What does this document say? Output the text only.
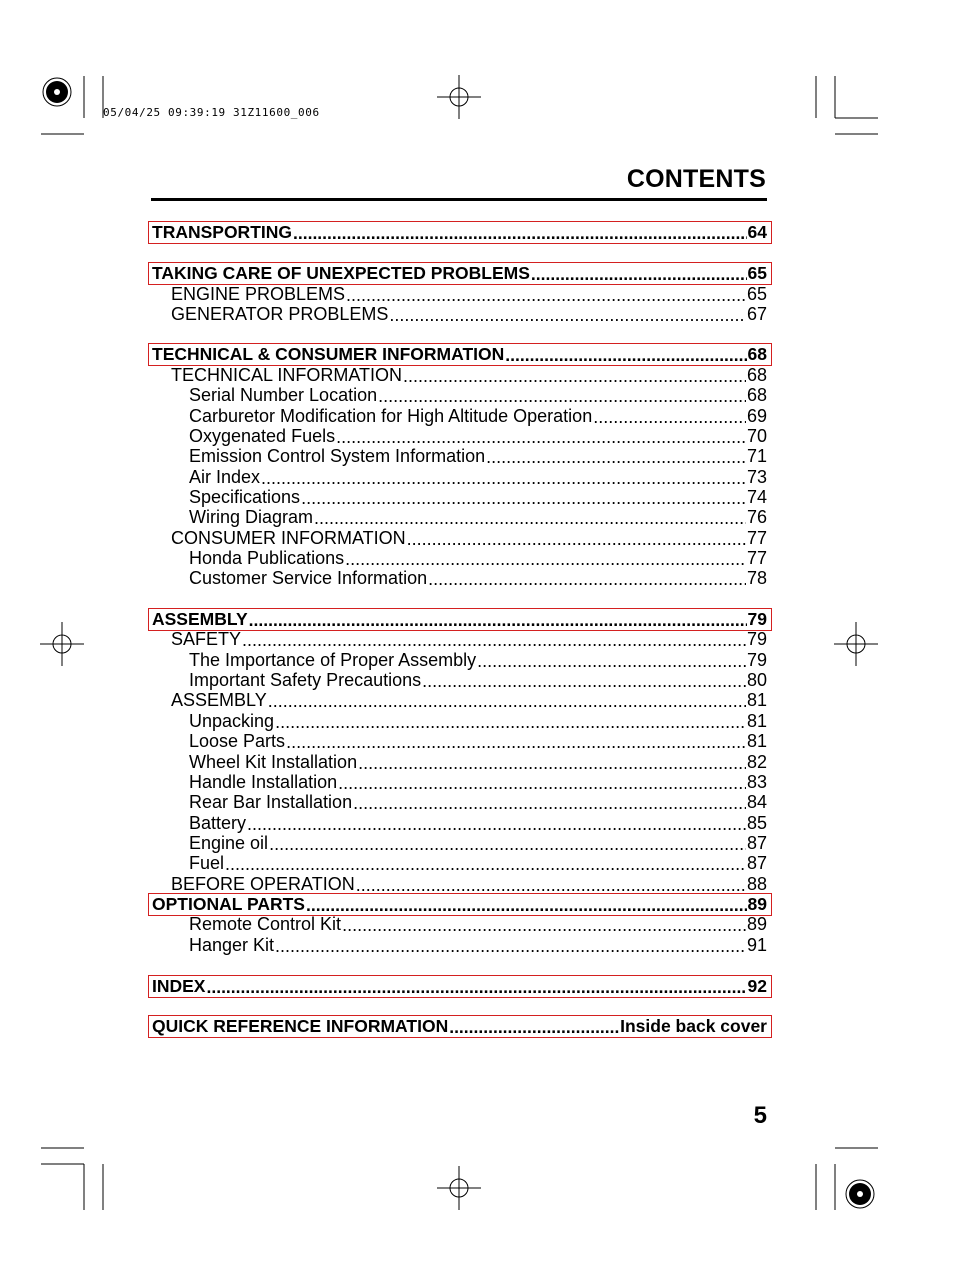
05/04/25 09:39:19 31Z11600_006
CONTENTS
TRANSPORTING .....	64
TAKING CARE OF UNEXPECTED PROBLEMS .....	65
ENGINE PROBLEMS .....	65
GENERATOR PROBLEMS .....	67
TECHNICAL & CONSUMER INFORMATION .....	68
TECHNICAL INFORMATION .....	68
Serial Number Location .....	68
Carburetor Modification for High Altitude Operation .....	69
Oxygenated Fuels .....	70
Emission Control System Information .....	71
Air Index .....	73
Specifications .....	74
Wiring Diagram .....	76
CONSUMER INFORMATION .....	77
Honda Publications .....	77
Customer Service Information .....	78
ASSEMBLY .....	79
SAFETY .....	79
The Importance of Proper Assembly .....	79
Important Safety Precautions .....	80
ASSEMBLY .....	81
Unpacking .....	81
Loose Parts .....	81
Wheel Kit Installation .....	82
Handle Installation .....	83
Rear Bar Installation .....	84
Battery .....	85
Engine oil .....	87
Fuel .....	87
BEFORE OPERATION .....	88
OPTIONAL PARTS .....	89
Remote Control Kit .....	89
Hanger Kit .....	91
INDEX .....	92
QUICK REFERENCE INFORMATION .....	Inside back cover
5
